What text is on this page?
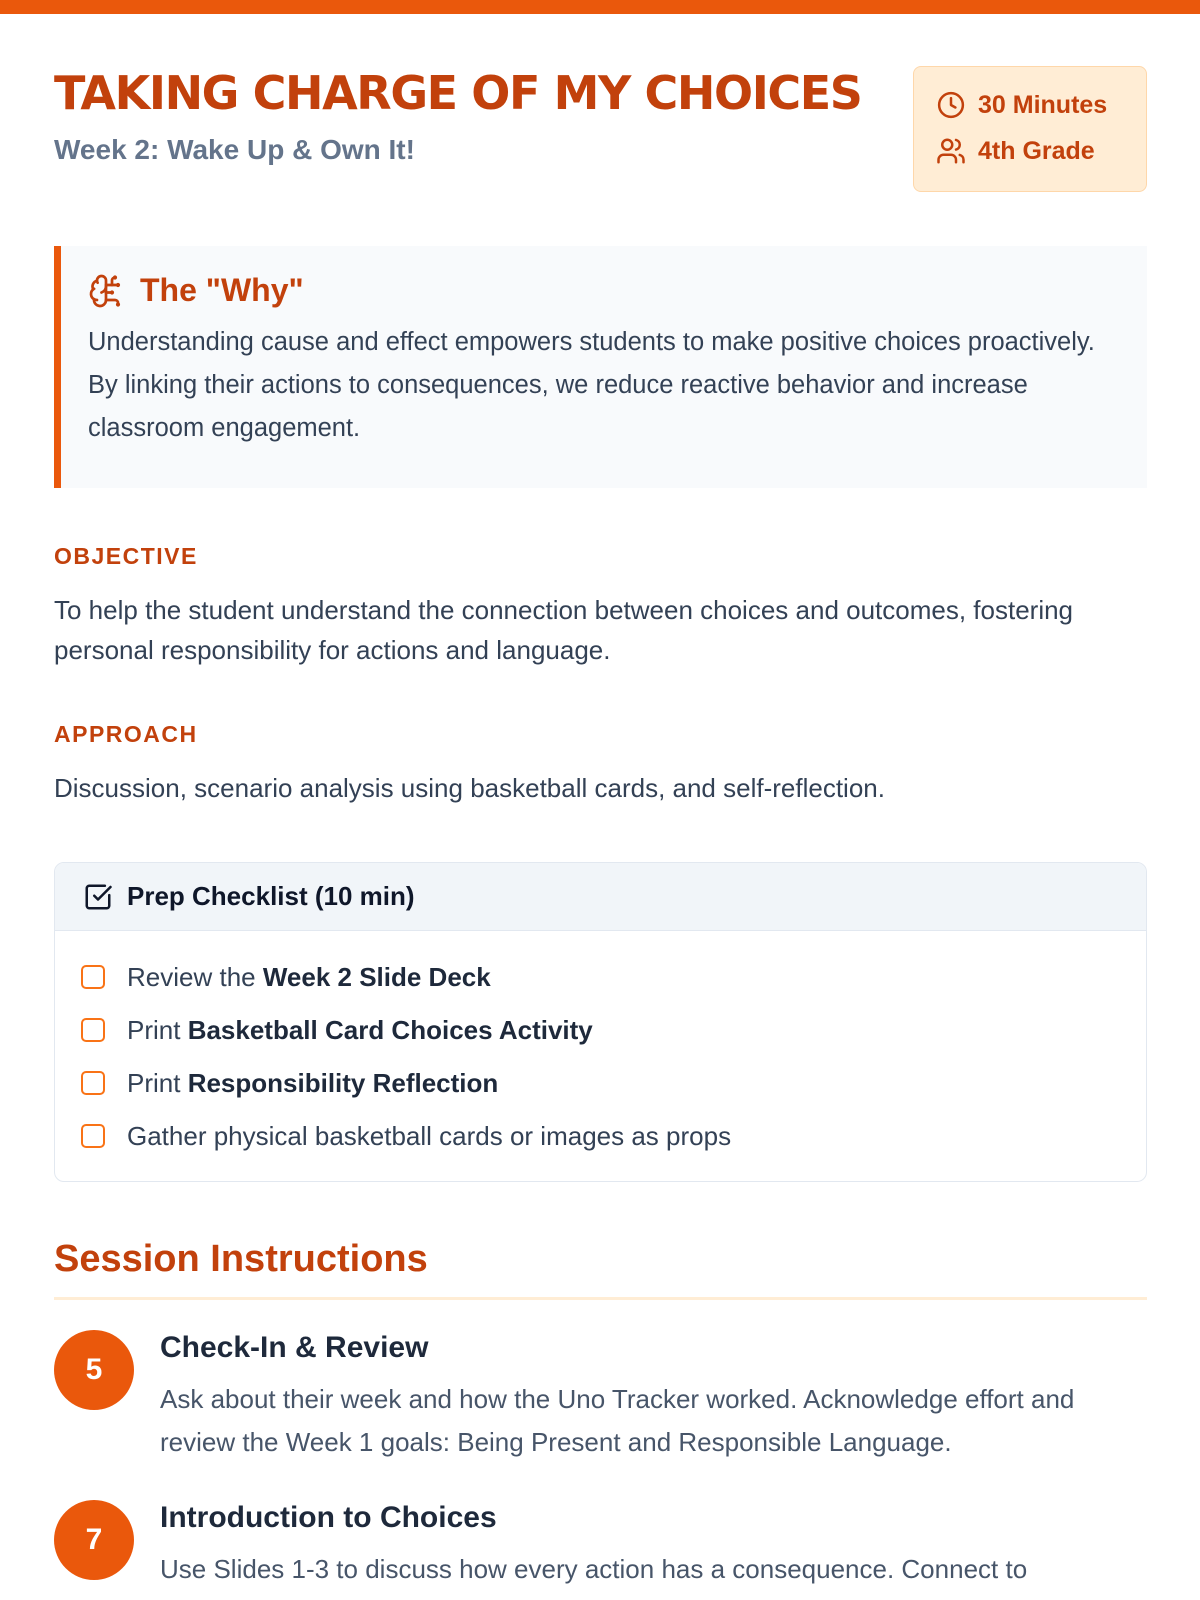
TAKING CHARGE OF MY CHOICES

Week 2: Wake Up & Own It!

30 Minutes
4th Grade
The "Why"

Understanding cause and effect empowers students to make positive choices proactively. By linking their actions to consequences, we reduce reactive behavior and increase classroom engagement.

OBJECTIVE

To help the student understand the connection between choices and outcomes, fostering personal responsibility for actions and language.

APPROACH

Discussion, scenario analysis using basketball cards, and self-reflection.

Prep Checklist (10 min)
Review the Week 2 Slide Deck
Print Basketball Card Choices Activity
Print Responsibility Reflection
Gather physical basketball cards or images as props
Session Instructions
5
Check-In & Review

Ask about their week and how the Uno Tracker worked. Acknowledge effort and review the Week 1 goals: Being Present and Responsible Language.

7
Introduction to Choices

Use Slides 1-3 to discuss how every action has a consequence. Connect to
